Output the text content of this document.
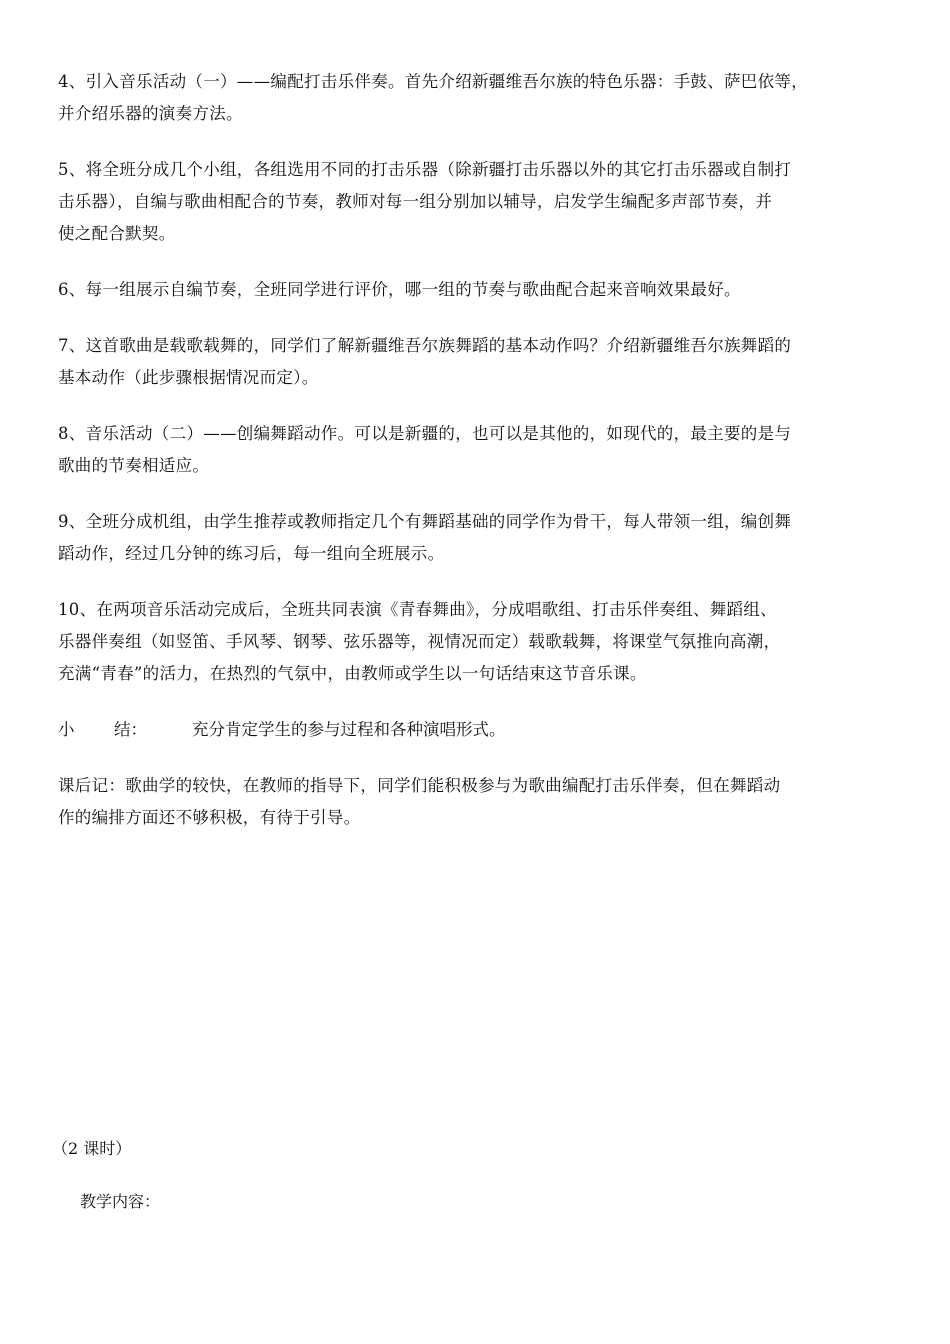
4、引入音乐活动（一）——编配打击乐伴奏。首先介绍新疆维吾尔族的特色乐器：手鼓、萨巴依等，
并介绍乐器的演奏方法。
5、将全班分成几个小组，各组选用不同的打击乐器（除新疆打击乐器以外的其它打击乐器或自制打
击乐器），自编与歌曲相配合的节奏，教师对每一组分别加以辅导，启发学生编配多声部节奏，并
使之配合默契。
6、每一组展示自编节奏，全班同学进行评价，哪一组的节奏与歌曲配合起来音响效果最好。
7、这首歌曲是载歌载舞的，同学们了解新疆维吾尔族舞蹈的基本动作吗？介绍新疆维吾尔族舞蹈的
基本动作（此步骤根据情况而定）。
8、音乐活动（二）——创编舞蹈动作。可以是新疆的，也可以是其他的，如现代的，最主要的是与
歌曲的节奏相适应。
9、全班分成机组，由学生推荐或教师指定几个有舞蹈基础的同学作为骨干，每人带领一组，编创舞
蹈动作，经过几分钟的练习后，每一组向全班展示。
10、在两项音乐活动完成后，全班共同表演《青春舞曲》，分成唱歌组、打击乐伴奏组、舞蹈组、
乐器伴奏组（如竖笛、手风琴、钢琴、弦乐器等，视情况而定）载歌载舞，将课堂气氛推向高潮，
充满“青春”的活力，在热烈的气氛中，由教师或学生以一句话结束这节音乐课。
小 结：	充分肯定学生的参与过程和各种演唱形式。
课后记：歌曲学的较快，在教师的指导下，同学们能积极参与为歌曲编配打击乐伴奏，但在舞蹈动
作的编排方面还不够积极，有待于引导。
（2 课时）
教学内容：
